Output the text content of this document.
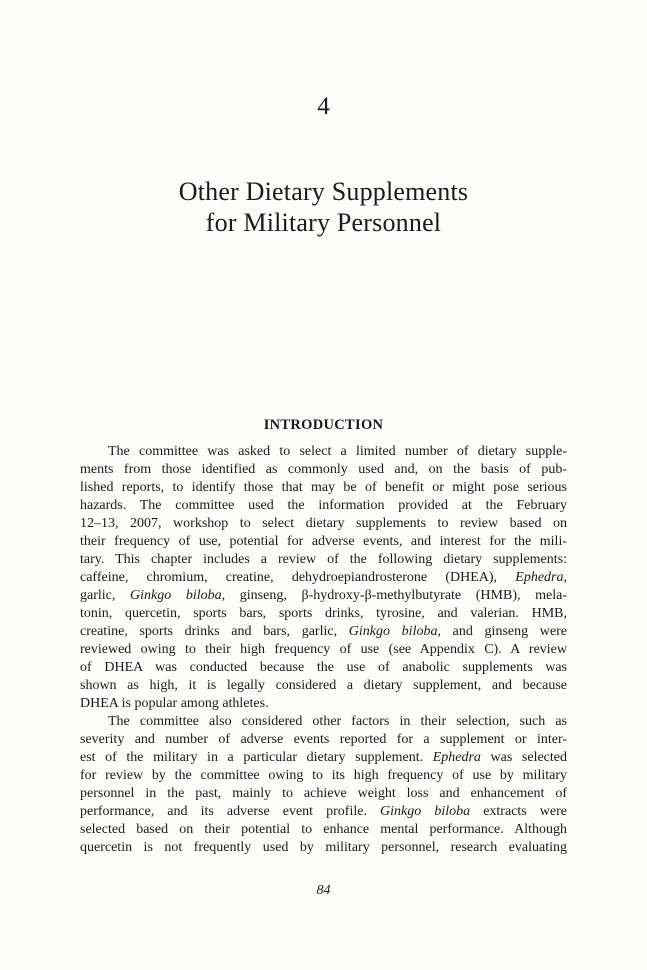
4
Other Dietary Supplements
for Military Personnel
INTRODUCTION
The committee was asked to select a limited number of dietary supple-
ments from those identified as commonly used and, on the basis of pub-
lished reports, to identify those that may be of benefit or might pose serious
hazards. The committee used the information provided at the February
12–13, 2007, workshop to select dietary supplements to review based on
their frequency of use, potential for adverse events, and interest for the mili-
tary. This chapter includes a review of the following dietary supplements:
caffeine, chromium, creatine, dehydroepiandrosterone (DHEA), Ephedra,
garlic, Ginkgo biloba, ginseng, β-hydroxy-β-methylbutyrate (HMB), mela-
tonin, quercetin, sports bars, sports drinks, tyrosine, and valerian. HMB,
creatine, sports drinks and bars, garlic, Ginkgo biloba, and ginseng were
reviewed owing to their high frequency of use (see Appendix C). A review
of DHEA was conducted because the use of anabolic supplements was
shown as high, it is legally considered a dietary supplement, and because
DHEA is popular among athletes.
The committee also considered other factors in their selection, such as
severity and number of adverse events reported for a supplement or inter-
est of the military in a particular dietary supplement. Ephedra was selected
for review by the committee owing to its high frequency of use by military
personnel in the past, mainly to achieve weight loss and enhancement of
performance, and its adverse event profile. Ginkgo biloba extracts were
selected based on their potential to enhance mental performance. Although
quercetin is not frequently used by military personnel, research evaluating
84
